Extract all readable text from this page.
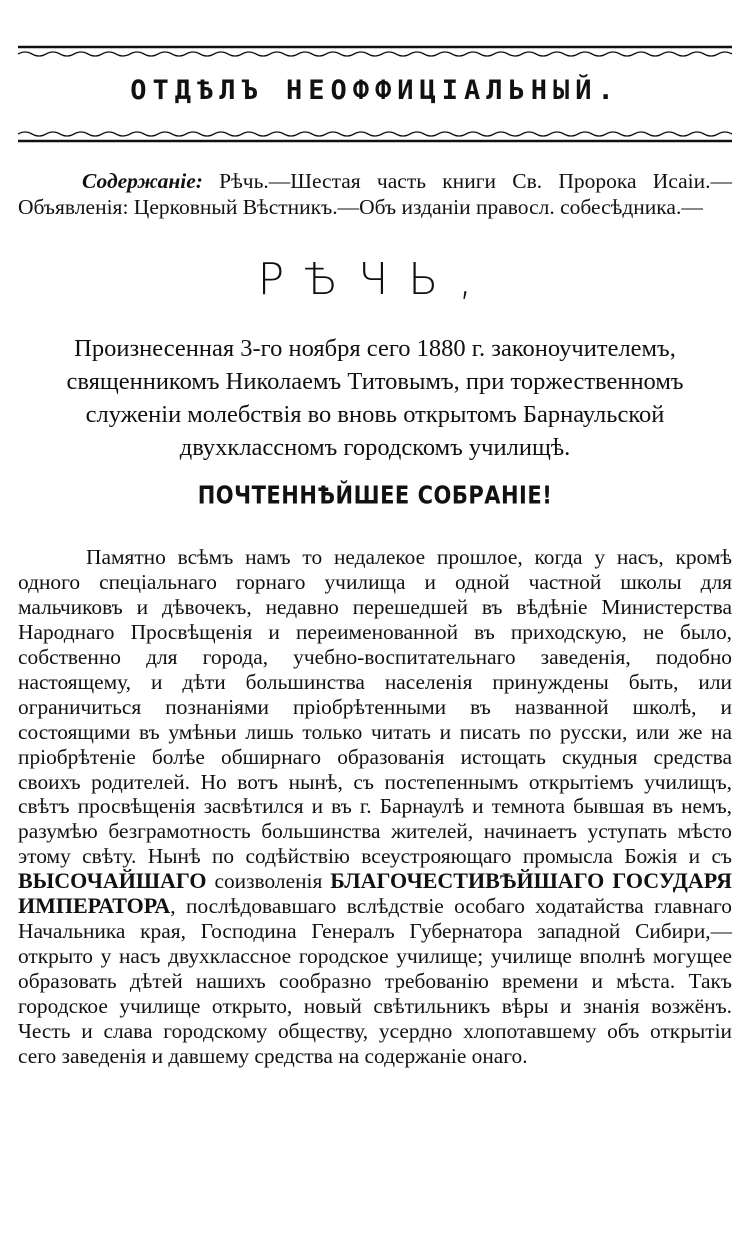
ОТДѢЛЪ НЕОФФИЦІАЛЬНЫЙ.

Содержаніе: Рѣчь.—Шестая часть книги Св. Пророка Исаіи.—Объявленія: Церковный Вѣстникъ.—Объ изданіи правосл. собесѣдника.—

РѢЧЬ,
Произнесенная 3-го ноября сего 1880 г. законоучителемъ, священникомъ Николаемъ Титовымъ, при торжественномъ служеніи молебствія во вновь открытомъ Барнаульской двухклассномъ городскомъ училищѣ.
ПОЧТЕННѢЙШЕЕ СОБРАНІЕ!

Памятно всѣмъ намъ то недалекое прошлое, когда у насъ, кромѣ одного спеціальнаго горнаго училища и одной частной школы для мальчиковъ и дѣвочекъ, недавно перешедшей въ вѣдѣніе Министерства Народнаго Просвѣщенія и переименованной въ приходскую, не было, собственно для города, учебно-воспитательнаго заведенія, подобно настоящему, и дѣти большинства населенія принуждены быть, или ограничиться познаніями пріобрѣтенными въ названной школѣ, и состоящими въ умѣньи лишь только читать и писать по русски, или же на пріобрѣтеніе болѣе обширнаго образованія истощать скудныя средства своихъ родителей. Но вотъ нынѣ, съ постепеннымъ открытіемъ училищъ, свѣтъ просвѣщенія засвѣтился и въ г. Барнаулѣ и темнота бывшая въ немъ, разумѣю безграмотность большинства жителей, начинаетъ уступать мѣсто этому свѣту. Нынѣ по содѣйствію всеустрояющаго промысла Божія и съ ВЫСОЧАЙШАГО соизволенія БЛАГОЧЕСТИВѢЙШАГО ГОСУДАРЯ ИМПЕРАТОРА, послѣдовавшаго вслѣдствіе особаго ходатайства главнаго Начальника края, Господина Генералъ Губернатора западной Сибири,—открыто у насъ двухклассное городское училище; училище вполнѣ могущее образовать дѣтей нашихъ сообразно требованію времени и мѣста. Такъ городское училище открыто, новый свѣтильникъ вѣры и знанія возжёнъ. Честь и слава городскому обществу, усердно хлопотавшему объ открытіи сего заведенія и давшему средства на содержаніе онаго.
